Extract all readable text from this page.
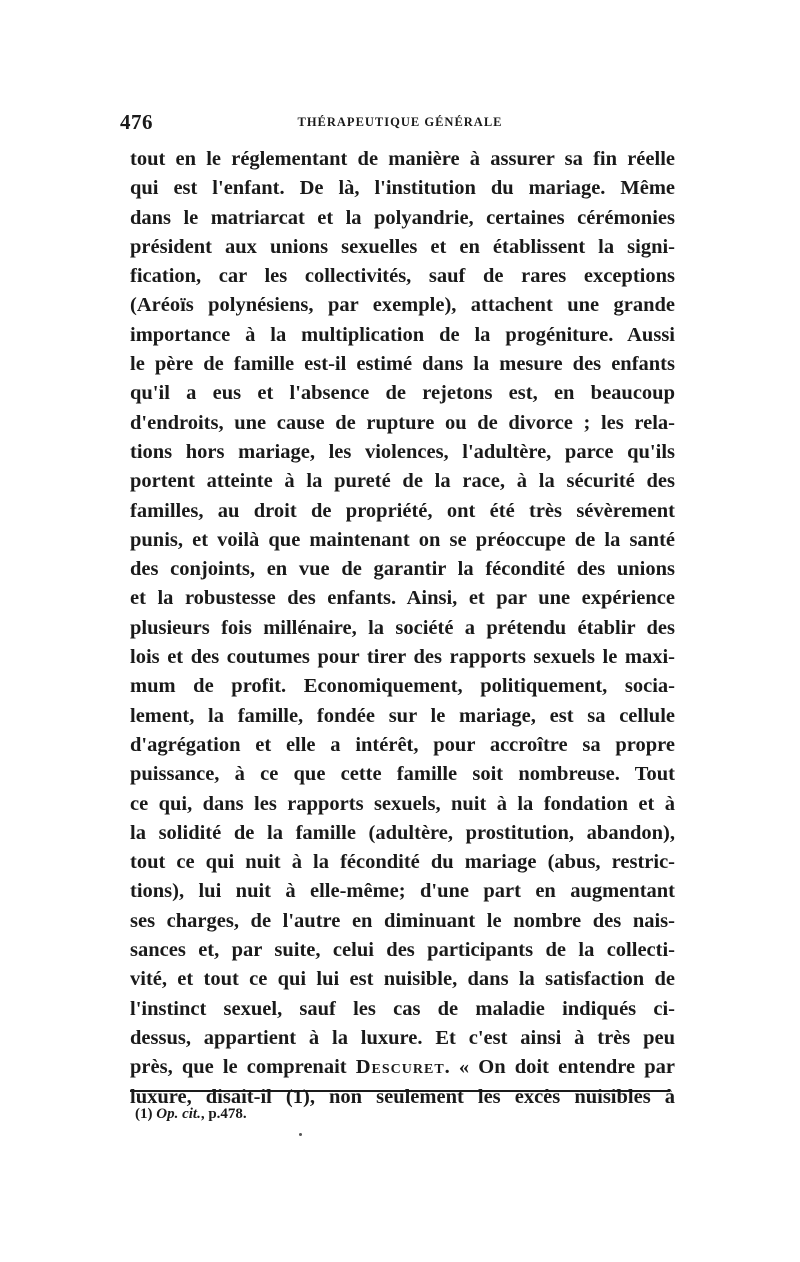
476	THÉRAPEUTIQUE GÉNÉRALE
tout en le réglementant de manière à assurer sa fin réelle
qui est l'enfant. De là, l'institution du mariage. Même
dans le matriarcat et la polyandrie, certaines cérémonies
président aux unions sexuelles et en établissent la signi-
fication, car les collectivités, sauf de rares exceptions
(Aréoïs polynésiens, par exemple), attachent une grande
importance à la multiplication de la progéniture. Aussi
le père de famille est-il estimé dans la mesure des enfants
qu'il a eus et l'absence de rejetons est, en beaucoup
d'endroits, une cause de rupture ou de divorce ; les rela-
tions hors mariage, les violences, l'adultère, parce qu'ils
portent atteinte à la pureté de la race, à la sécurité des
familles, au droit de propriété, ont été très sévèrement
punis, et voilà que maintenant on se préoccupe de la santé
des conjoints, en vue de garantir la fécondité des unions
et la robustesse des enfants. Ainsi, et par une expérience
plusieurs fois millénaire, la société a prétendu établir des
lois et des coutumes pour tirer des rapports sexuels le maxi-
mum de profit. Economiquement, politiquement, socia-
lement, la famille, fondée sur le mariage, est sa cellule
d'agrégation et elle a intérêt, pour accroître sa propre
puissance, à ce que cette famille soit nombreuse. Tout
ce qui, dans les rapports sexuels, nuit à la fondation et à
la solidité de la famille (adultère, prostitution, abandon),
tout ce qui nuit à la fécondité du mariage (abus, restric-
tions), lui nuit à elle-même; d'une part en augmentant
ses charges, de l'autre en diminuant le nombre des nais-
sances et, par suite, celui des participants de la collecti-
vité, et tout ce qui lui est nuisible, dans la satisfaction de
l'instinct sexuel, sauf les cas de maladie indiqués ci-
dessus, appartient à la luxure. Et c'est ainsi à très peu
près, que le comprenait Descuret. « On doit entendre par
luxure, disait-il (1), non seulement les excès nuisibles à
(1) Op. cit., p.478.
